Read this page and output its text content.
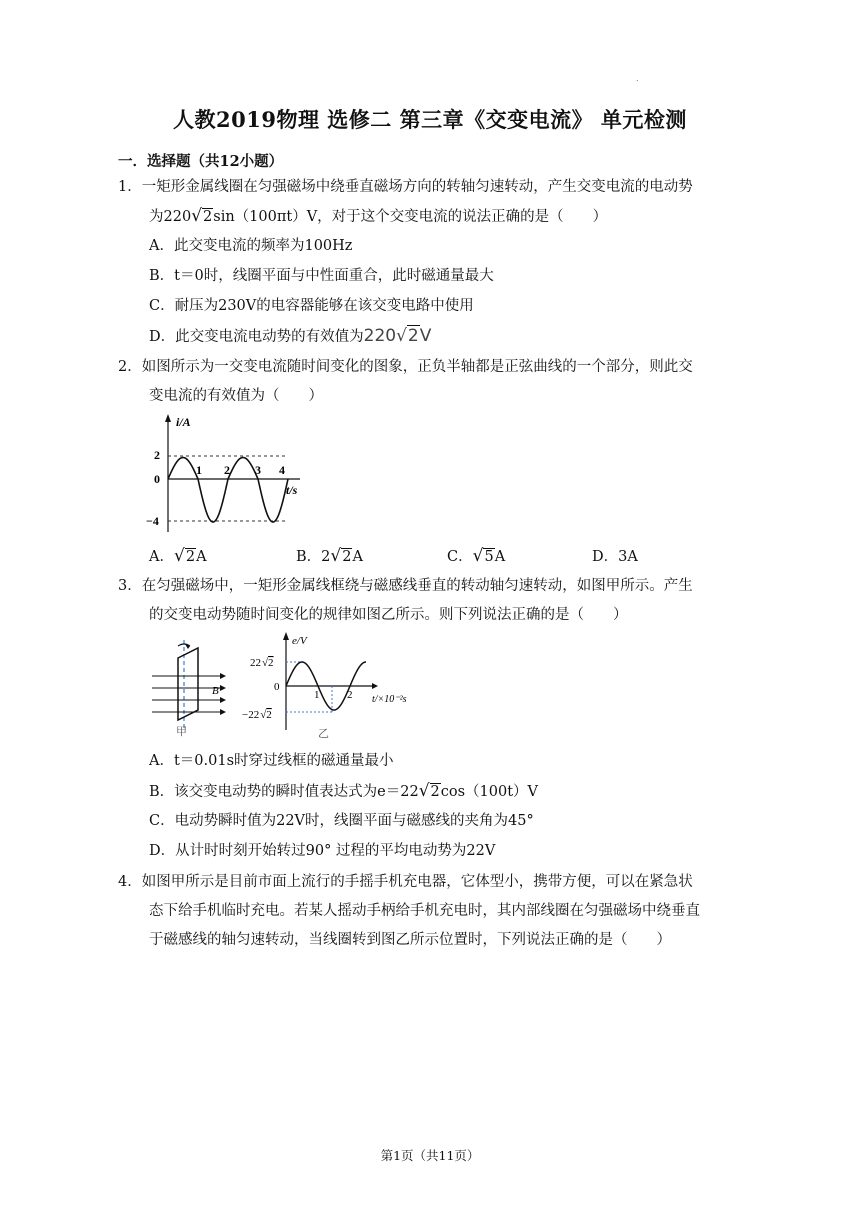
.
人教2019物理 选修二 第三章《交变电流》 单元检测
一．选择题（共12小题）
1．一矩形金属线圈在匀强磁场中绕垂直磁场方向的转轴匀速转动，产生交变电流的电动势
为220√2sin（100πt）V，对于这个交变电流的说法正确的是（　　）
A．此交变电流的频率为100Hz
B．t＝0时，线圈平面与中性面重合，此时磁通量最大
C．耐压为230V的电容器能够在该交变电路中使用
D．此交变电流电动势的有效值为220√2V
2．如图所示为一交变电流随时间变化的图象，正负半轴都是正弦曲线的一个部分，则此交
变电流的有效值为（　　）
i/A
t/s
2
0
−4
1 2 3 4
A．√2A	B．2√2A	C．√5A	D．3A
3．在匀强磁场中，一矩形金属线框绕与磁感线垂直的转动轴匀速转动，如图甲所示。产生
的交变电动势随时间变化的规律如图乙所示。则下列说法正确的是（　　）
B
甲
e/V
t/×10⁻²s
22√2
0
−22√2
1	2
乙
A．t＝0.01s时穿过线框的磁通量最小
B．该交变电动势的瞬时值表达式为e＝22√2cos（100t）V
C．电动势瞬时值为22V时，线圈平面与磁感线的夹角为45°
D．从计时时刻开始转过90° 过程的平均电动势为22V
4．如图甲所示是目前市面上流行的手摇手机充电器，它体型小，携带方便，可以在紧急状
态下给手机临时充电。若某人摇动手柄给手机充电时，其内部线圈在匀强磁场中绕垂直
于磁感线的轴匀速转动，当线圈转到图乙所示位置时，下列说法正确的是（　　）
第1页（共11页）
